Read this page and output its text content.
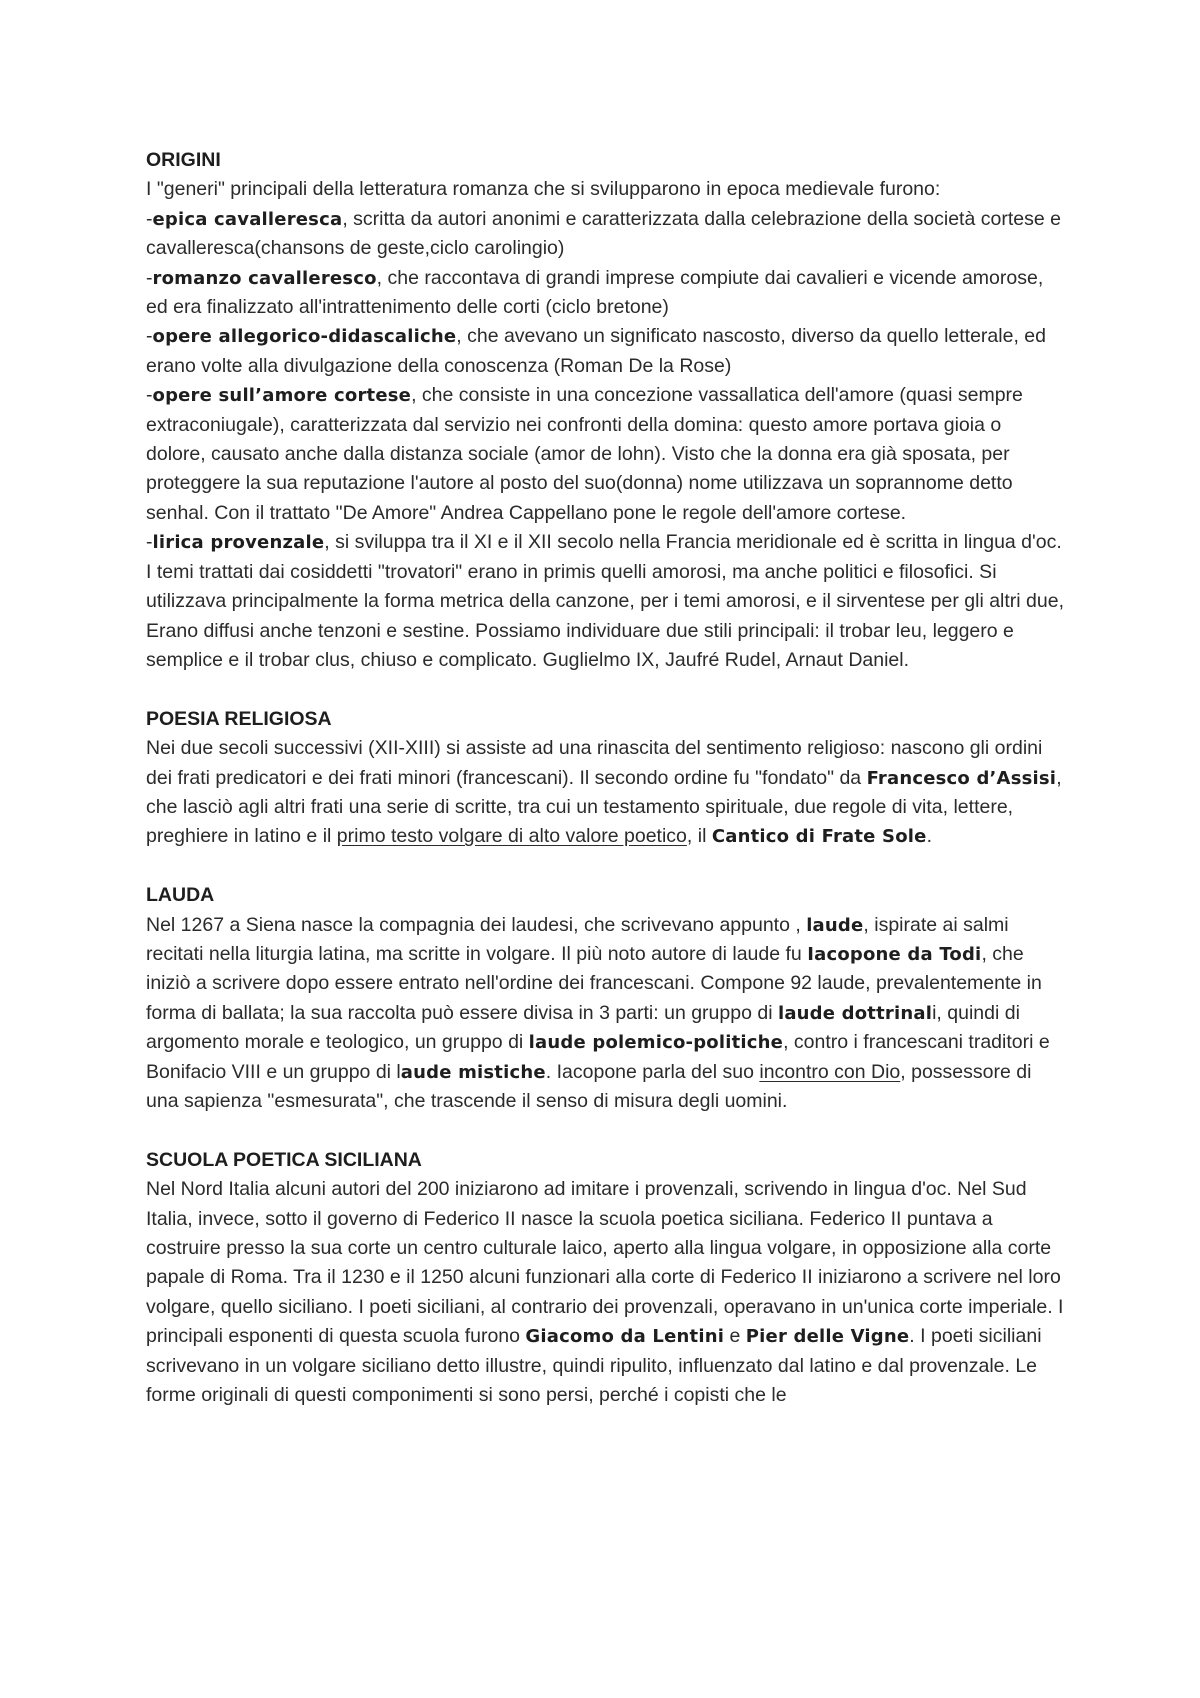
ORIGINI
I "generi" principali della letteratura romanza che si svilupparono in epoca medievale furono:
-epica cavalleresca, scritta da autori anonimi e caratterizzata dalla celebrazione della società cortese e cavalleresca(chansons de geste,ciclo carolingio)
-romanzo cavalleresco, che raccontava di grandi imprese compiute dai cavalieri e vicende amorose, ed era finalizzato all'intrattenimento delle corti (ciclo bretone)
-opere allegorico-didascaliche, che avevano un significato nascosto, diverso da quello letterale, ed erano volte alla divulgazione della conoscenza (Roman De la Rose)
-opere sull’amore cortese, che consiste in una concezione vassallatica dell'amore (quasi sempre extraconiugale), caratterizzata dal servizio nei confronti della domina: questo amore portava gioia o dolore, causato anche dalla distanza sociale (amor de lohn). Visto che la donna era già sposata, per proteggere la sua reputazione l'autore al posto del suo(donna) nome utilizzava un soprannome detto senhal. Con il trattato "De Amore" Andrea Cappellano pone le regole dell'amore cortese.
-lirica provenzale, si sviluppa tra il XI e il XII secolo nella Francia meridionale ed è scritta in lingua d'oc. I temi trattati dai cosiddetti "trovatori" erano in primis quelli amorosi, ma anche politici e filosofici. Si utilizzava principalmente la forma metrica della canzone, per i temi amorosi, e il sirventese per gli altri due, Erano diffusi anche tenzoni e sestine. Possiamo individuare due stili principali: il trobar leu, leggero e semplice e il trobar clus, chiuso e complicato. Guglielmo IX, Jaufré Rudel, Arnaut Daniel.
POESIA RELIGIOSA
Nei due secoli successivi (XII-XIII) si assiste ad una rinascita del sentimento religioso: nascono gli ordini dei frati predicatori e dei frati minori (francescani). Il secondo ordine fu "fondato" da Francesco d’Assisi, che lasciò agli altri frati una serie di scritte, tra cui un testamento spirituale, due regole di vita, lettere, preghiere in latino e il primo testo volgare di alto valore poetico, il Cantico di Frate Sole.
LAUDA
Nel 1267 a Siena nasce la compagnia dei laudesi, che scrivevano appunto , laude, ispirate ai salmi recitati nella liturgia latina, ma scritte in volgare. Il più noto autore di laude fu Iacopone da Todi, che iniziò a scrivere dopo essere entrato nell'ordine dei francescani. Compone 92 laude, prevalentemente in forma di ballata; la sua raccolta può essere divisa in 3 parti: un gruppo di laude dottrinali, quindi di argomento morale e teologico, un gruppo di laude polemico-politiche, contro i francescani traditori e Bonifacio VIII e un gruppo di laude mistiche. Iacopone parla del suo incontro con Dio, possessore di una sapienza "esmesurata", che trascende il senso di misura degli uomini.
SCUOLA POETICA SICILIANA
Nel Nord Italia alcuni autori del 200 iniziarono ad imitare i provenzali, scrivendo in lingua d'oc. Nel Sud Italia, invece, sotto il governo di Federico II nasce la scuola poetica siciliana. Federico II puntava a costruire presso la sua corte un centro culturale laico, aperto alla lingua volgare, in opposizione alla corte papale di Roma. Tra il 1230 e il 1250 alcuni funzionari alla corte di Federico II iniziarono a scrivere nel loro volgare, quello siciliano. I poeti siciliani, al contrario dei provenzali, operavano in un'unica corte imperiale. I principali esponenti di questa scuola furono Giacomo da Lentini e Pier delle Vigne. I poeti siciliani scrivevano in un volgare siciliano detto illustre, quindi ripulito, influenzato dal latino e dal provenzale. Le forme originali di questi componimenti si sono persi, perché i copisti che le
